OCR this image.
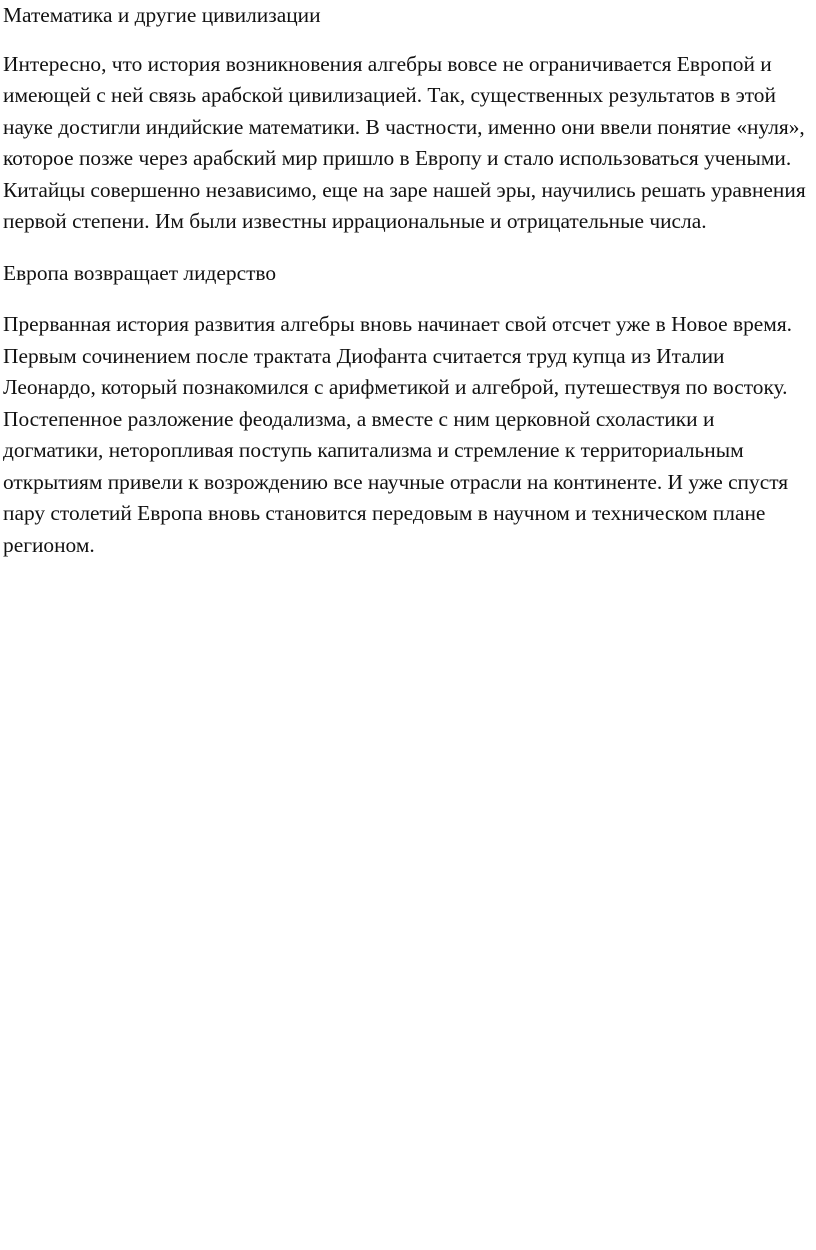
Математика и другие цивилизации

Интересно, что история возникновения алгебры вовсе не ограничивается Европой и имеющей с ней связь арабской цивилизацией. Так, существенных результатов в этой науке достигли индийские математики. В частности, именно они ввели понятие «нуля», которое позже через арабский мир пришло в Европу и стало использоваться учеными. Китайцы совершенно независимо, еще на заре нашей эры, научились решать уравнения первой степени. Им были известны иррациональные и отрицательные числа.

Европа возвращает лидерство

Прерванная история развития алгебры вновь начинает свой отсчет уже в Новое время. Первым сочинением после трактата Диофанта считается труд купца из Италии Леонардо, который познакомился с арифметикой и алгеброй, путешествуя по востоку. Постепенное разложение феодализма, а вместе с ним церковной схоластики и догматики, неторопливая поступь капитализма и стремление к территориальным открытиям привели к возрождению все научные отрасли на континенте. И уже спустя пару столетий Европа вновь становится передовым в научном и техническом плане регионом.
